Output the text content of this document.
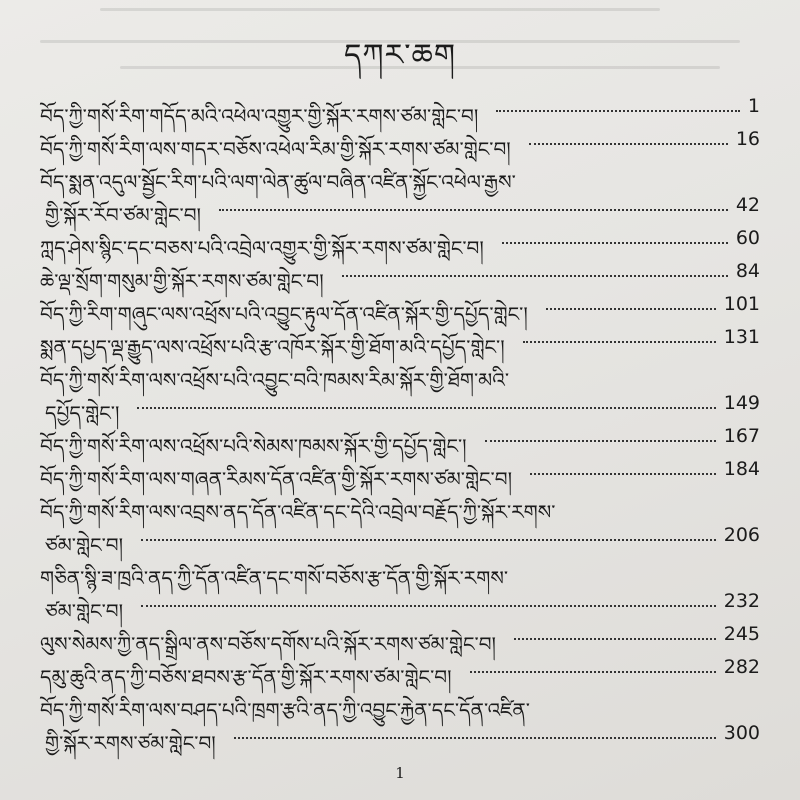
དཀར་ཆག
བོད་ཀྱི་གསོ་རིག་གདོད་མའི་འཕེལ་འགྱུར་གྱི་སྐོར་རགས་ཙམ་གླེང་བ།	1
བོད་ཀྱི་གསོ་རིག་ལས་གདར་བཅོས་འཕེལ་རིམ་གྱི་སྐོར་རགས་ཙམ་གླེང་བ།	16
བོད་སྨན་འདུལ་སྦྱོང་རིག་པའི་ལག་ལེན་ཚུལ་བཞིན་འཛིན་སྐྱོང་འཕེལ་རྒྱས་
གྱི་སྐོར་རོབ་ཙམ་གླེང་བ།	42
ཀླད་ཤེས་སྙིང་དང་བཅས་པའི་འབྲེལ་འགྱུར་གྱི་སྐོར་རགས་ཙམ་གླེང་བ།	60
ཆེ་ལྡ་སྲོག་གསུམ་གྱི་སྐོར་རགས་ཙམ་གླེང་བ།	84
བོད་ཀྱི་རིག་གཞུང་ལས་འཕྲོས་པའི་འབྱུང་རྟུལ་དོན་འཛིན་སྐོར་གྱི་དཔྱོད་གླེང་།	101
སྨན་དཔྱད་ལྡ་རྒྱུད་ལས་འཕྲོས་པའི་རྩ་འཁོར་སྐོར་གྱི་ཐོག་མའི་དཔྱོད་གླེང་།	131
བོད་ཀྱི་གསོ་རིག་ལས་འཕྲོས་པའི་འབྱུང་བའི་ཁམས་རིམ་སྐོར་གྱི་ཐོག་མའི་
དཔྱོད་གླེང་།	149
བོད་ཀྱི་གསོ་རིག་ལས་འཕྲོས་པའི་སེམས་ཁམས་སྐོར་གྱི་དཔྱོད་གླེང་།	167
བོད་ཀྱི་གསོ་རིག་ལས་གཞན་རིམས་དོན་འཛིན་གྱི་སྐོར་རགས་ཙམ་གླེང་བ།	184
བོད་ཀྱི་གསོ་རིག་ལས་འབྲས་ནད་དོན་འཛིན་དང་དེའི་འབྲེལ་བརྗོད་ཀྱི་སྐོར་རགས་
ཙམ་གླེང་བ།	206
གཅིན་སྙི་ཟ་ཁྲའི་ནད་ཀྱི་དོན་འཛིན་དང་གསོ་བཅོས་རྩ་དོན་གྱི་སྐོར་རགས་
ཙམ་གླེང་བ།	232
ལུས་སེམས་ཀྱི་ནད་སྒྲིལ་ནས་བཅོས་དགོས་པའི་སྐོར་རགས་ཙམ་གླེང་བ།	245
དམུ་ཆུའི་ནད་ཀྱི་བཅོས་ཐབས་རྩ་དོན་གྱི་སྐོར་རགས་ཙམ་གླེང་བ།	282
བོད་ཀྱི་གསོ་རིག་ལས་བཤད་པའི་ཁྲག་རྩའི་ནད་ཀྱི་འབྱུང་རྐྱེན་དང་དོན་འཛིན་
གྱི་སྐོར་རགས་ཙམ་གླེང་བ།	300
1
